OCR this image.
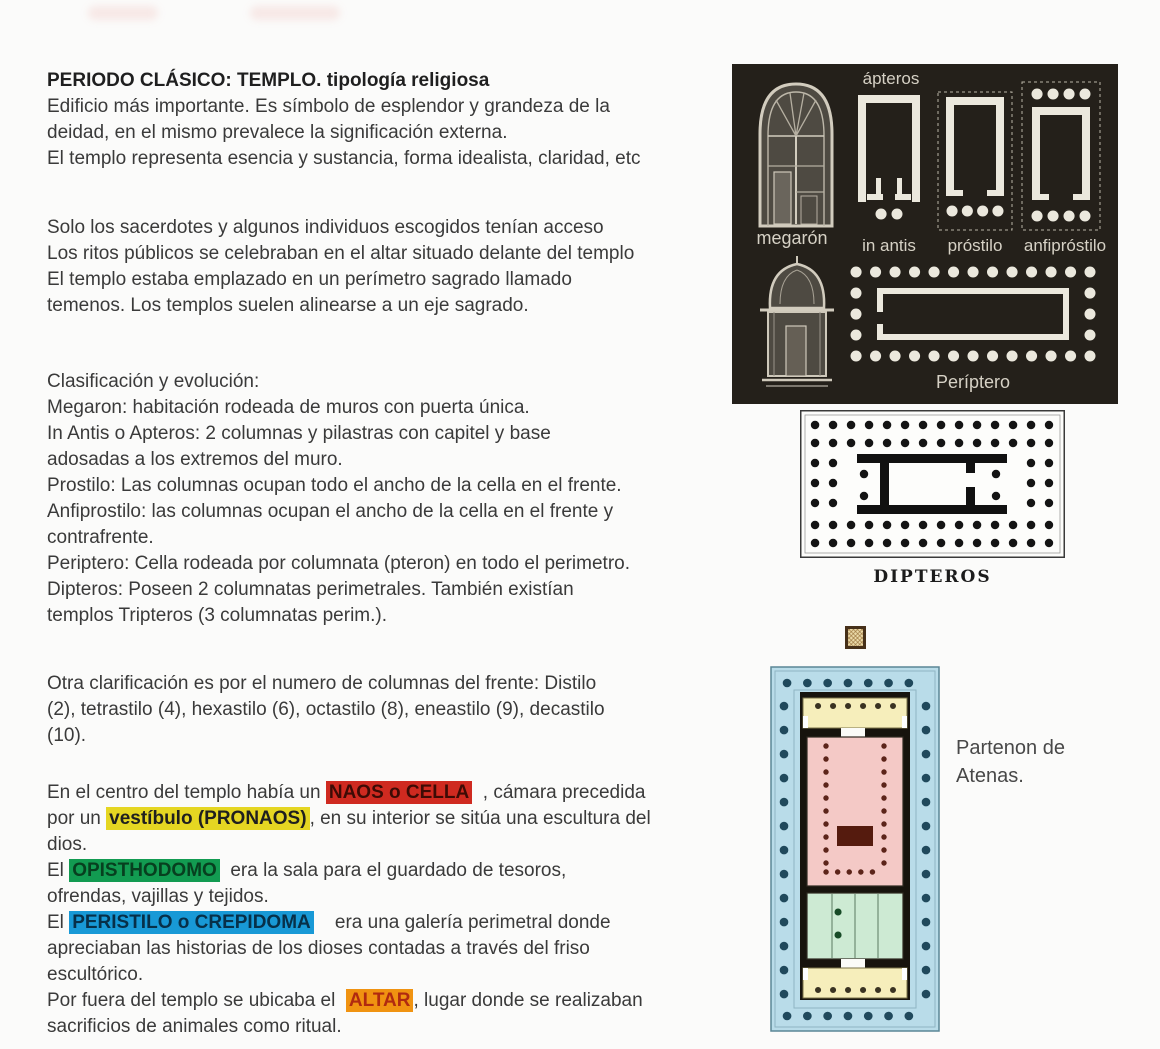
PERIODO CLÁSICO: TEMPLO. tipología religiosa
Edificio más importante. Es símbolo de esplendor y grandeza de la
deidad, en el mismo prevalece la significación externa.
El templo representa esencia y sustancia, forma idealista, claridad, etc
Solo los sacerdotes y algunos individuos escogidos tenían acceso
Los ritos públicos se celebraban en el altar situado delante del templo
El templo estaba emplazado en un perímetro sagrado llamado
temenos. Los templos suelen alinearse a un eje sagrado.
Clasificación y evolución:
Megaron: habitación rodeada de muros con puerta única.
In Antis o Apteros: 2 columnas y pilastras con capitel y base
adosadas a los extremos del muro.
Prostilo: Las columnas ocupan todo el ancho de la cella en el frente.
Anfiprostilo: las columnas ocupan el ancho de la cella en el frente y
contrafrente.
Periptero: Cella rodeada por columnata (pteron) en todo el perimetro.
Dipteros: Poseen 2 columnatas perimetrales. También existían
templos Tripteros (3 columnatas perim.).
Otra clarificación es por el numero de columnas del frente: Distilo
(2), tetrastilo (4), hexastilo (6), octastilo (8), eneastilo (9), decastilo
(10).
En el centro del templo había un NAOS o CELLA  , cámara precedida
por un vestíbulo (PRONAOS) , en su interior se sitúa una escultura del
dios.
El OPISTHODOMO  era la sala para el guardado de tesoros,
ofrendas, vajillas y tejidos.
El PERISTILO o CREPIDOMA    era una galería perimetral donde
apreciaban las historias de los dioses contadas a través del friso
escultórico.
Por fuera del templo se ubicaba el  ALTAR , lugar donde se realizaban
sacrificios de animales como ritual.
megarón
ápteros
in antis	próstilo	anfipróstilo
Períptero
DIPTEROS
Partenon de
Atenas.
